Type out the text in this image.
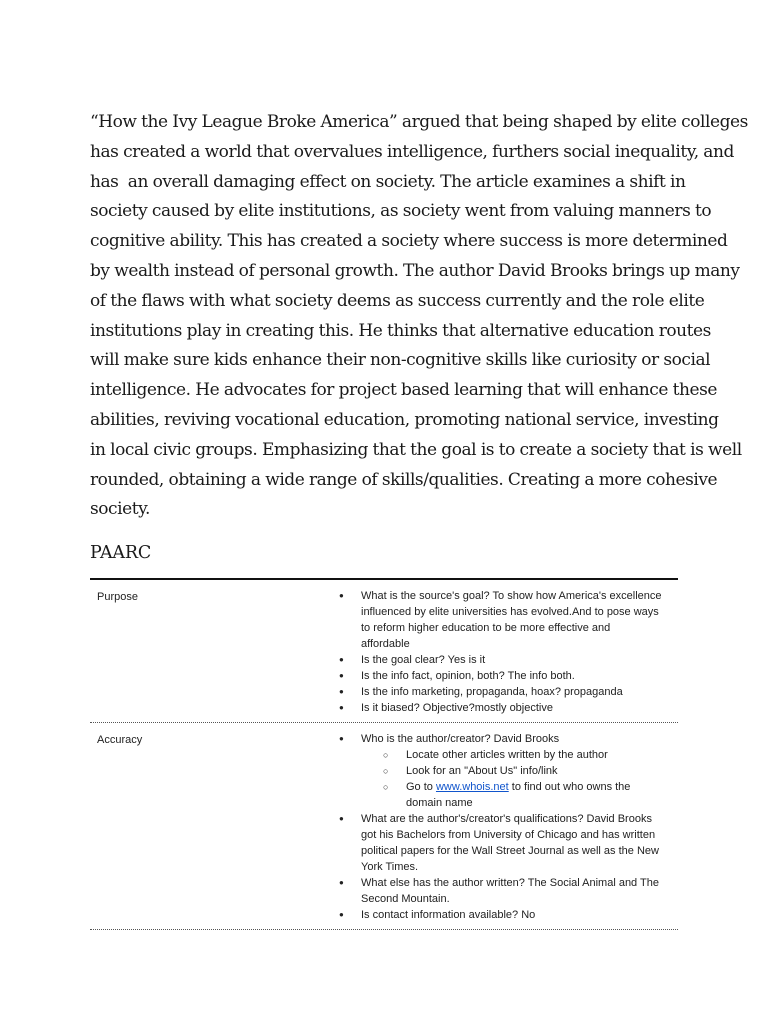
“How the Ivy League Broke America” argued that being shaped by elite colleges
has created a world that overvalues intelligence, furthers social inequality, and
has  an overall damaging effect on society. The article examines a shift in
society caused by elite institutions, as society went from valuing manners to
cognitive ability. This has created a society where success is more determined
by wealth instead of personal growth. The author David Brooks brings up many
of the flaws with what society deems as success currently and the role elite
institutions play in creating this. He thinks that alternative education routes
will make sure kids enhance their non-cognitive skills like curiosity or social
intelligence. He advocates for project based learning that will enhance these
abilities, reviving vocational education, promoting national service, investing
in local civic groups. Emphasizing that the goal is to create a society that is well
rounded, obtaining a wide range of skills/qualities. Creating a more cohesive
society.
PAARC
Purpose	● What is the source's goal? To show how America's excellence
influenced by elite universities has evolved.And to pose ways
to reform higher education to be more effective and
affordable
● Is the goal clear? Yes is it
● Is the info fact, opinion, both? The info both.
● Is the info marketing, propaganda, hoax? propaganda
● Is it biased? Objective?mostly objective
Accuracy	● Who is the author/creator? David Brooks
○ Locate other articles written by the author
○ Look for an "About Us" info/link
○ Go to www.whois.net to find out who owns the
domain name
● What are the author's/creator's qualifications? David Brooks
got his Bachelors from University of Chicago and has written
political papers for the Wall Street Journal as well as the New
York Times.
● What else has the author written? The Social Animal and The
Second Mountain.
● Is contact information available? No
